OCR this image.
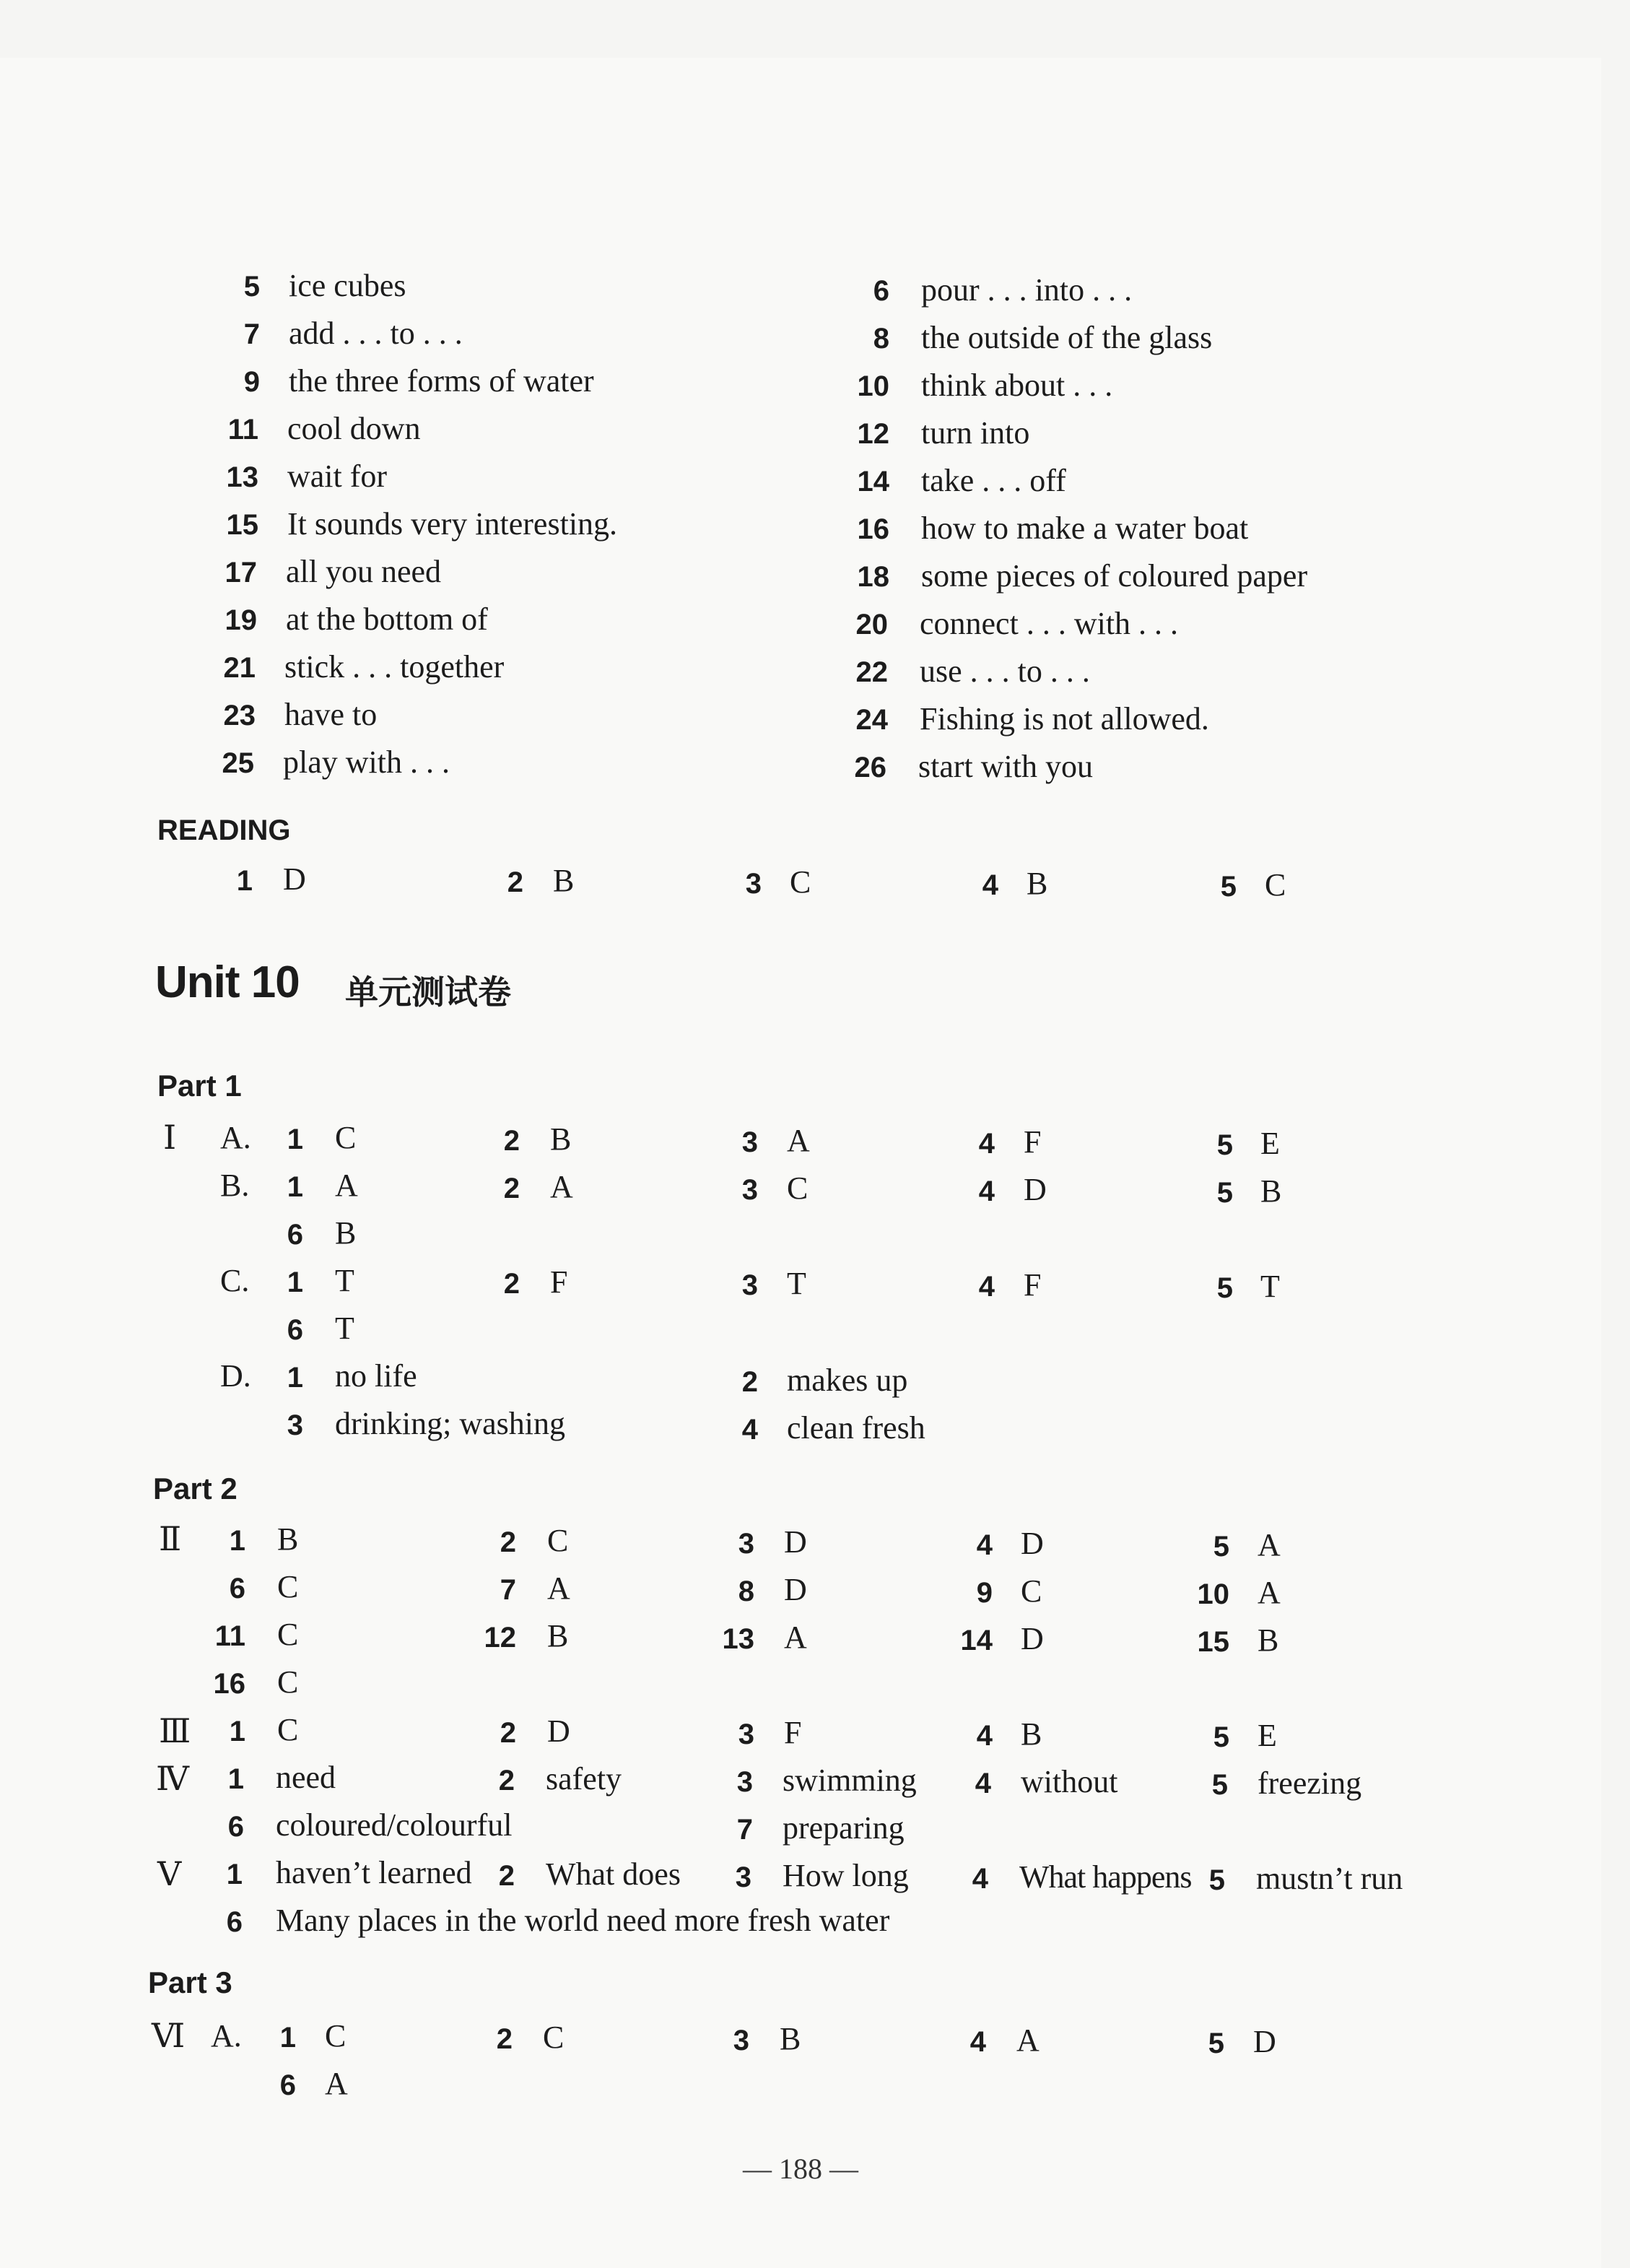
5 ice cubes
7 add . . . to . . .
9 the three forms of water
11 cool down
13 wait for
15 It sounds very interesting.
17 all you need
19 at the bottom of
21 stick . . . together
23 have to
25 play with . . .
6 pour . . . into . . .
8 the outside of the glass
10 think about . . .
12 turn into
14 take . . . off
16 how to make a water boat
18 some pieces of coloured paper
20 connect . . . with . . .
22 use . . . to . . .
24 Fishing is not allowed.
26 start with you
READING
1 D	2 B	3 C	4 B	5 C
Unit 10 单元测试卷
Part 1
Ⅰ A.	1 C	2 B	3 A	4 F	5 E
B.	1 A	2 A	3 C	4 D	5 B
6 B
C.	1 T	2 F	3 T	4 F	5 T
6 T
D.	1 no life	2 makes up
3 drinking; washing	4 clean fresh
Part 2
Ⅱ	1 B	2 C	3 D	4 D	5 A
6 C	7 A	8 D	9 C	10 A
11 C	12 B	13 A	14 D	15 B
16 C
Ⅲ	1 C	2 D	3 F	4 B	5 E
Ⅳ	1 need	2 safety	3 swimming	4 without	5 freezing
6 coloured/colourful	7 preparing
Ⅴ	1 haven’t learned 2 What does	3 How long	4 What happens 5 mustn’t run
6 Many places in the world need more fresh water
Part 3
Ⅵ A.	1 C	2 C	3 B	4 A	5 D
6 A
— 188 —
